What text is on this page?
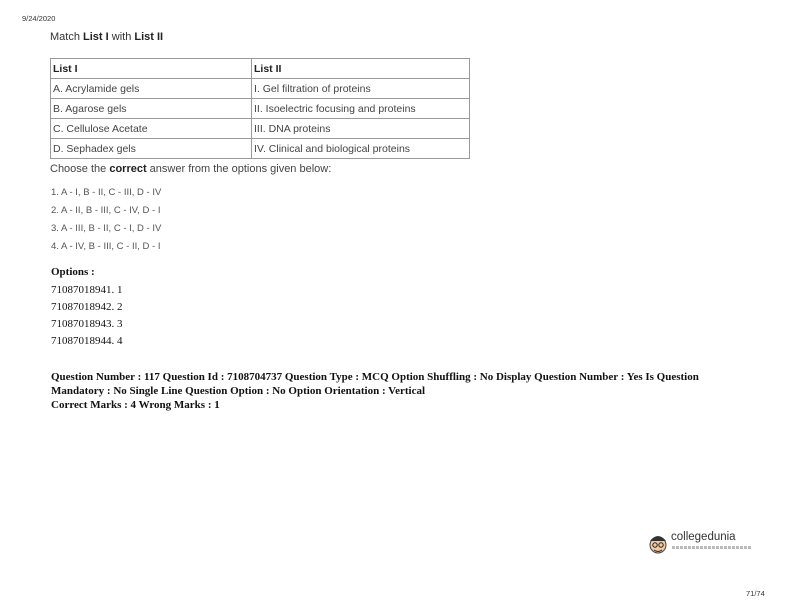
9/24/2020
Match List I with List II
List I	List II
A. Acrylamide gels	I. Gel filtration of proteins
B. Agarose gels	II. Isoelectric focusing and proteins
C. Cellulose Acetate	III. DNA proteins
D. Sephadex gels	IV. Clinical and biological proteins
Choose the correct answer from the options given below:
1. A - I, B - II, C - III, D - IV
2. A - II, B - III, C - IV, D - I
3. A - III, B - II, C - I, D - IV
4. A - IV, B - III, C - II, D - I
Options :
71087018941. 1
71087018942. 2
71087018943. 3
71087018944. 4
Question Number : 117 Question Id : 7108704737 Question Type : MCQ Option Shuffling : No Display Question Number : Yes Is Question Mandatory : No Single Line Question Option : No Option Orientation : Vertical
Correct Marks : 4 Wrong Marks : 1
collegedunia
71/74
